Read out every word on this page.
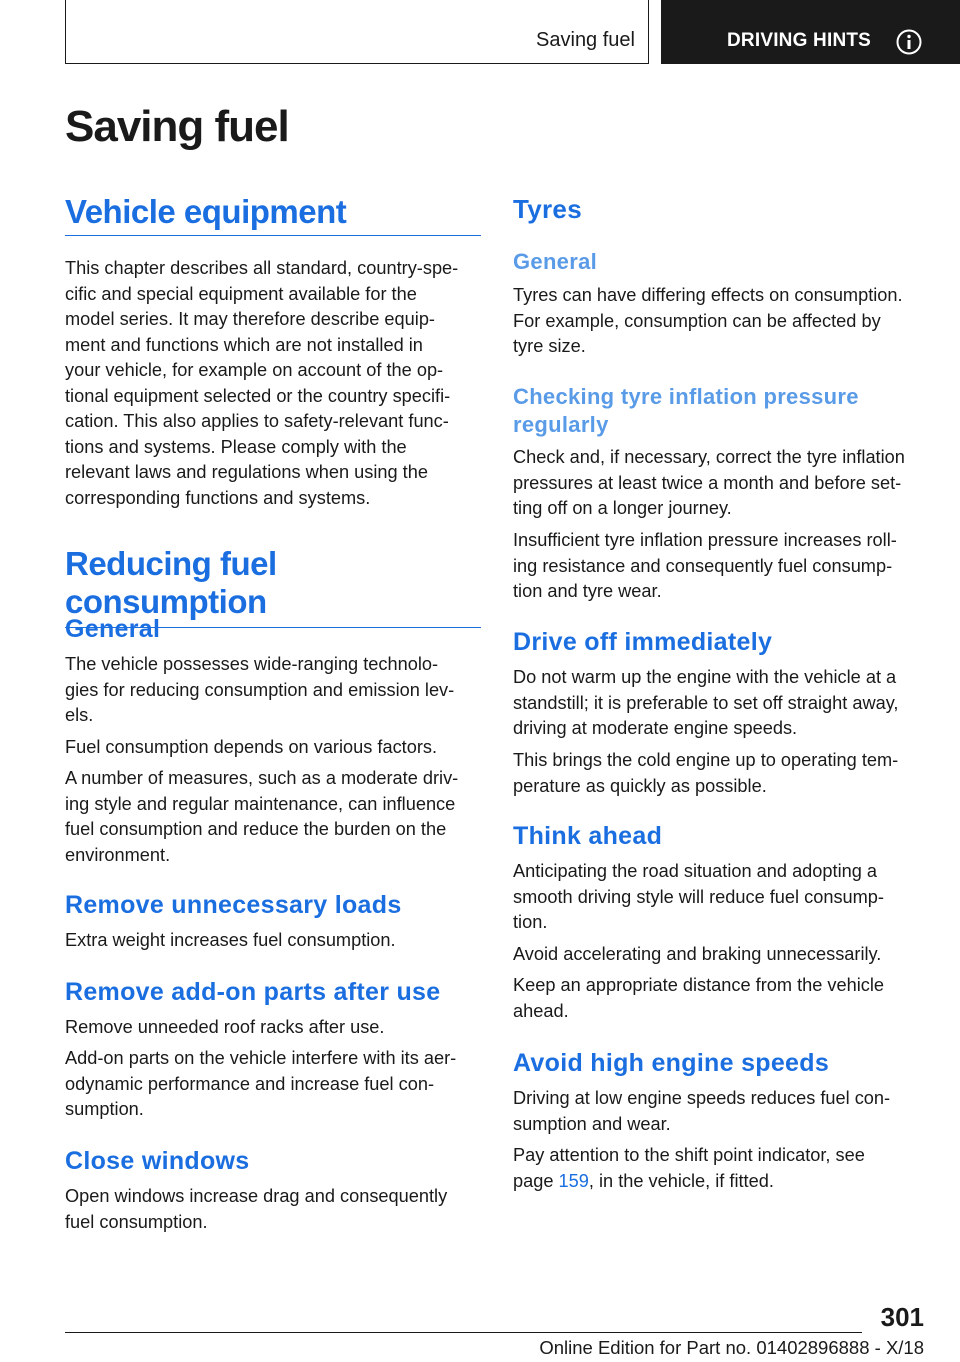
Saving fuel	DRIVING HINTS
Saving fuel
Vehicle equipment

This chapter describes all standard, country-spe-
cific and special equipment available for the
model series. It may therefore describe equip-
ment and functions which are not installed in
your vehicle, for example on account of the op-
tional equipment selected or the country specifi-
cation. This also applies to safety-relevant func-
tions and systems. Please comply with the
relevant laws and regulations when using the
corresponding functions and systems.

Reducing fuel consumption
General

The vehicle possesses wide-ranging technolo-
gies for reducing consumption and emission lev-
els.

Fuel consumption depends on various factors.

A number of measures, such as a moderate driv-
ing style and regular maintenance, can influence
fuel consumption and reduce the burden on the
environment.

Remove unnecessary loads

Extra weight increases fuel consumption.

Remove add-on parts after use

Remove unneeded roof racks after use.

Add-on parts on the vehicle interfere with its aer-
odynamic performance and increase fuel con-
sumption.

Close windows

Open windows increase drag and consequently
fuel consumption.

Tyres
General

Tyres can have differing effects on consumption.
For example, consumption can be affected by
tyre size.

Checking tyre inflation pressure
regularly

Check and, if necessary, correct the tyre inflation
pressures at least twice a month and before set-
ting off on a longer journey.

Insufficient tyre inflation pressure increases roll-
ing resistance and consequently fuel consump-
tion and tyre wear.

Drive off immediately

Do not warm up the engine with the vehicle at a
standstill; it is preferable to set off straight away,
driving at moderate engine speeds.

This brings the cold engine up to operating tem-
perature as quickly as possible.

Think ahead

Anticipating the road situation and adopting a
smooth driving style will reduce fuel consump-
tion.

Avoid accelerating and braking unnecessarily.

Keep an appropriate distance from the vehicle
ahead.

Avoid high engine speeds

Driving at low engine speeds reduces fuel con-
sumption and wear.

Pay attention to the shift point indicator, see
page 159, in the vehicle, if fitted.

301
Online Edition for Part no. 01402896888 - X/18
